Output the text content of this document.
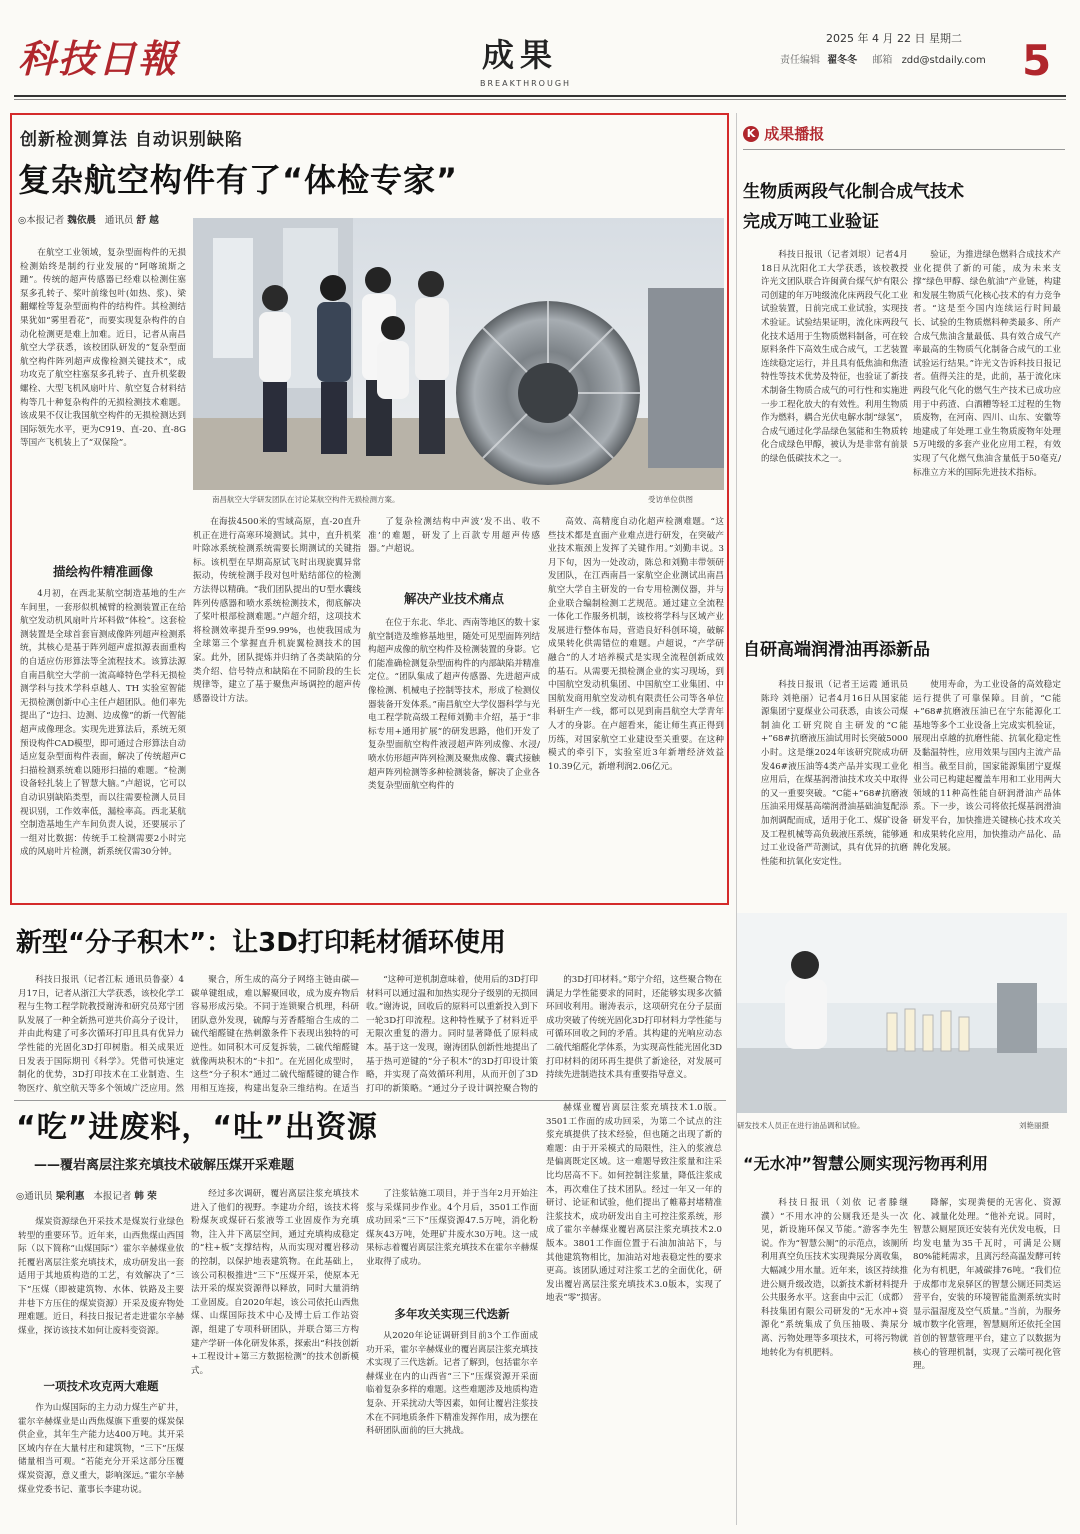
科技日報	成果
BREAKTHROUGH
2025 年 4 月 22 日 星期二
责任编辑 翟冬冬 邮箱 zdd@stdaily.com 5
创新检测算法 自动识别缺陷
复杂航空构件有了“体检专家”
◎本报记者 魏依晨 通讯员 舒 越

在航空工业领域，复杂型面构件的无损检测始终是制约行业发展的“阿喀琉斯之踵”。传统的超声传感器已经难以检测住塞泵多孔转子、桨叶前缘包叶(如热、浆)、梁翻螺栓等复杂型面构件的结构件。其检测结果犹如“雾里看花”，而要实现复杂构件的自动化检测更是难上加难。近日，记者从南昌航空大学获悉，该校团队研发的“复杂型面航空构件阵列超声成像检测关键技术”，成功攻克了航空柱塞泵多孔转子、直升机桨毂螺栓、大型飞机风扇叶片、航空复合材料结构等几十种复杂构件的无损检测技术难题。该成果不仅让我国航空构件的无损检测达到国际领先水平，更为C919、直-20、直-8G等国产飞机装上了“双保险”。

描绘构件精准画像
南昌航空大学研发团队在讨论某航空构件无损检测方案。	受访单位供图

4月初，在西北某航空制造基地的生产车间里，一套形似机械臂的检测装置正在给航空发动机风扇叶片坏料做“体检”。这套检测装置是全球首套盲测成像阵列超声检测系统，其核心是基于阵列超声虚拟源表面重构的自适应仿形算法等全流程技术。该算法源自南昌航空大学前一流高峰特色学科无损检测学科与技术学科卓越人、TH 实验室智能无损检测创新中心主任卢超团队。他们率先提出了“边扫、边测、边成像”的新一代智能超声成像理念。实现先进算法后，系统无须预设构件CAD模型，即可通过合形算法自动适应复杂型面构件表面，解决了传统超声C扫描检测系统难以随形扫描的难题。“检测设备轻扎装上了智慧大脑。”卢超说，它可以自动识别缺陷类型，而以往需要检测人员目视识别，工作效率低，漏检率高。西北某航空制造基地生产车间负责人说，还要展示了一组对比数据：传统手工检测需要2小时完成的风扇叶片检测，新系统仅需30分钟。

在海拔4500米的雪域高原，直-20直升机正在进行高寒环境测试。其中，直升机桨叶除冰系统检测系统需要长期测试的关键指标。该机型在早期高原试飞时出现旋翼异常振动，传统检测手段对包叶贴结部位的检测方法得以精确。“我们团队提出的U型水囊线阵列传感器和喷水系统检测技术，彻底解决了桨叶根部检测难题。”卢超介绍，这项技术将检测效率提升至99.99%，也使我国成为全球第三个掌握直升机旋翼检测技术的国家。此外，团队提炼并归纳了各类缺陷的分类介绍、信号特点和缺陷在不同阶段的生长规律等，建立了基于聚焦声场调控的超声传感器设计方法。

了复杂检测结构中声波‘发不出、收不准’的难题，研发了上百款专用超声传感器。”卢超说。

解决产业技术痛点

在位于东北、华北、西南等地区的数十家航空制造及维修基地里，随处可见型面阵列结构超声成像的航空构件及检测装置的身影。它们能准确检测复杂型面构件的内部缺陷并精准定位。“团队集成了超声传感器、先进超声成像检测、机械电子控制等技术，形成了检测仪器装备开发体系。”南昌航空大学仪器科学与光电工程学院高级工程师刘勤丰介绍，基于“非标专用+通用扩展”的研发思路，他们开发了复杂型面航空构件液浸超声阵列成像、水浸/喷水仿形超声阵列检测及聚焦成像、囊式接触超声阵列检测等多种检测装备，解决了企业各类复杂型面航空构件的

高效、高精度自动化超声检测难题。“这些技术都是直面产业难点进行研发，在突破产业技术瓶颈上发挥了关键作用。”刘勤丰说。3月下旬，因为一处改动，陈总和刘勤丰带领研发团队，在江西南昌一家航空企业测试出南昌航空大学自主研发的一台专用检测仪器，并与企业联合编制检测工艺规范。通过建立全流程一体化工作服务机制，该校将学科与区域产业发展进行整体布局，营造良好科创环境，破解成果转化供需错位的难题。卢超说，“产学研融合”的人才培养模式是实现全流程创新成效的基石。从需要无损检测企业的实习现场，到中国航空发动机集团、中国航空工业集团、中国航发商用航空发动机有限责任公司等各单位科研生产一线，都可以见到南昌航空大学青年人才的身影。在卢超看来，能让师生真正得到历练，对国家航空工业建设至关重要。在这种模式的牵引下，实验室近3年新增经济效益10.39亿元，新增利润2.06亿元。

K 成果播报
生物质两段气化制合成气技术
完成万吨工业验证

科技日报讯（记者刘垠）记者4月18日从沈阳化工大学获悉，该校教授许光文团队联合许闽黄台煤气炉有限公司创建的年万吨级流化床两段气化工业试验装置，日前完成工业试验，实现技术验证。试验结果证明，流化床两段气化技术适用于生物质燃料制备，可在较原料条件下高效生成合成气，工艺装置连续稳定运行，并且具有低焦油和焦渣特性等技术优势及特征，也验证了新技术制备生物质合成气的可行性和实施进一步工程化放大的有效性。利用生物质作为燃料，耦合光伏电解水制“绿氢”，合成气通过化学品绿色氢能和生物质转化合成绿色甲醇，被认为是非常有前景的绿色低碳技术之一。

验证，为推进绿色燃料合成技术产业化提供了新的可能，成为未来支撑“绿色甲醇、绿色航油”产业链，构建和发展生物质气化核心技术的有力竞争者。“这是至今国内连续运行时间最长、试验的生物质燃料种类最多、所产合成气焦油含量最低、具有效合成气产率最高的生物质气化制备合成气的工业试验运行结果。”许光文告诉科技日报记者。值得关注的是，此前，基于流化床两段气化气化的燃气生产技术已成功应用于中药渣、白酒糟等轻工过程的生物质废物，在河南、四川、山东、安徽等地建成了年处理工业生物质废物年处理5万吨级的多套产业化应用工程，有效实现了气化燃气焦油含量低于50毫克/标准立方米的国际先进技术指标。

自研高端润滑油再添新品

科技日报讯（记者王运霞 通讯员陈玲 刘艳丽）记者4月16日从国家能源集团宁夏煤业公司获悉，由该公司煤制油化工研究院自主研发的“C能+”68#抗磨液压油试用时长突破5000小时。这是继2024年该研究院成功研发46#液压油等4类产品并实现工业化应用后，在煤基润滑油技术攻关中取得的又一重要突破。“C能+”68#抗磨液压油采用煤基高端润滑油基础油复配添加剂调配而成，适用于化工、煤矿设备及工程机械等高负载液压系统，能够通过工业设备严苛测试，具有优异的抗磨性能和抗氧化安定性。

使用寿命，为工业设备的高效稳定运行提供了可靠保障。目前，“C能+”68#抗磨液压油已在宁东能源化工基地等多个工业设备上完成实机验证，展现出卓越的抗磨性能、抗氧化稳定性及黏温特性，应用效果与国内主流产品相当。截至目前，国家能源集团宁夏煤业公司已构建起覆盖车用和工业用两大领域的11种高性能自研润滑油产品体系。下一步，该公司将依托煤基润滑油研发平台，加快推进关键核心技术攻关和成果转化应用，加快推动产品化、品牌化发展。

研发技术人员正在进行油品调和试验。	刘艳丽摄
“无水冲”智慧公厕实现污物再利用

科技日报讯（刘依 记者滕继濮）“不用水冲的公厕我还是头一次见，新设施环保又节能。”游客李先生说。作为“智慧公厕”的示范点，该厕所利用真空负压技术实现粪尿分离收集，大幅减少用水量。近年来，该区持续推进公厕升级改造，以新技术新材料提升公共服务水平。这套由中云汇（成都）科技集团有限公司研发的“无水冲+资源化”系统集成了负压抽吸、粪尿分离、污物处理等多项技术，可将污物就地转化为有机肥料。

降解，实现粪便的无害化、资源化、减量化处理。“他补充说。同时，智慧公厕屋顶还安装有光伏发电板，日均发电量为35千瓦时，可满足公厕80%能耗需求，且离污经高温发酵可转化为有机肥，年减碳排76吨。“我们位于成都市龙泉驿区的智慧公厕还同类运营平台，安装的环境智能监测系统实时显示温湿度及空气质量。”当前，为服务城市数字化管理，智慧厕所还依托全国首创的智慧管理平台，建立了以数据为核心的管理机制，实现了云端可视化管理。

新型“分子积木”：让3D打印耗材循环使用

科技日报讯（记者江耘 通讯员鲁豪）4月17日，记者从浙江大学获悉，该校化学工程与生物工程学院教授谢涛和研究员郑宁团队发展了一种全新热可逆共价高分子设计，并由此构建了可多次循环打印且具有优异力学性能的光固化3D打印树脂。相关成果近日发表于国际期刊《科学》。凭借可快速定制化的优势，3D打印技术在工业制造、生物医疗、航空航天等多个领域广泛应用。然

聚合，所生成的高分子网络主链由碳—碳单键组成，难以解聚回收，成为废弃物后容易形成污染。不同于连锁聚合机理，科研团队意外发现，硫醇与芳香醛缩合生成的二硫代缩醛键在热刺激条件下表现出独特的可逆性。如同积木可反复拆装，二硫代缩醛键就像两块积木的“卡扣”。在光固化成型时，这些“分子积木”通过二硫代缩醛键的键合作用相互连接，构建出复杂三维结构。在适当

“这种可逆机制意味着，使用后的3D打印材料可以通过温和加热实现分子级别的无损回收。”谢涛说，回收后的原料可以重新投入到下一轮3D打印流程。这种特性赋予了材料近乎无限次重复的潜力。同时显著降低了原料成本。基于这一发现，谢涛团队创新性地提出了基于热可逆键的“分子积木”的3D打印设计策略，并实现了高效循环利用，从而开创了3D打印的新策略。“通过分子设计调控聚合物的

的3D打印材料。”郑宁介绍，这些聚合物在满足力学性能要求的同时，还能够实现多次循环回收利用。谢涛表示，这项研究在分子层面成功突破了传统光固化3D打印材料力学性能与可循环回收之间的矛盾。其构建的光响应动态二硫代缩醛化学体系，为实现高性能光固化3D打印材料的闭环再生提供了新途径，对发展可持续先进制造技术具有重要指导意义。

“吃”进废料，“吐”出资源
——覆岩离层注浆充填技术破解压煤开采难题
◎通讯员 梁利惠 本报记者 韩 荣

煤炭资源绿色开采技术是煤炭行业绿色转型的重要环节。近年来，山西焦煤山西国际（以下简称“山煤国际”）霍尔辛赫煤业依托覆岩离层注浆充填技术，成功研发出一套适用于其地质构造的工艺，有效解决了“三下”压煤（即被建筑物、水体、铁路及主要井巷下方压住的煤炭资源）开采及废弃物处理难题。近日，科技日报记者走进霍尔辛赫煤业，探访该技术如何让废料变资源。

一项技术攻克两大难题

作为山煤国际的主力动力煤生产矿井，霍尔辛赫煤业是山西焦煤旗下重要的煤炭保供企业，其年生产能力达400万吨。其开采区域内存在大量村庄和建筑物，“三下”压煤储量相当可观。“若能充分开采这部分压覆煤炭资源，意义重大，影响深远。”霍尔辛赫煤业党委书记、董事长李建功说。

经过多次调研，覆岩离层注浆充填技术进入了他们的视野。李建功介绍，该技术将粉煤灰或煤矸石浆液等工业固废作为充填物，注入井下离层空间，通过充填构成稳定的“柱+板”支撑结构，从而实现对覆岩移动的控制，以保护地表建筑物。在此基础上，该公司积极推进“三下”压煤开采，使原本无法开采的煤炭资源得以释放，同时大量消纳工业固废。自2020年起，该公司依托山西焦煤、山煤国际技术中心及博士后工作站资源，组建了专项科研团队，并联合第三方构建产学研一体化研发体系，探索出“科技创新+工程设计+第三方数据检测”的技术创新模式。

了注浆钻施工项目，并于当年2月开始注浆与采煤同步作业。4个月后，3501工作面成功回采“三下”压煤资源47.5万吨，消化粉煤灰43万吨，处理矿井废水30万吨。这一成果标志着覆岩离层注浆充填技术在霍尔辛赫煤业取得了成功。

多年攻关实现三代迭新

从2020年论证调研到目前3个工作面成功开采，霍尔辛赫煤业的覆岩离层注浆充填技术实现了三代迭新。记者了解到，包括霍尔辛赫煤业在内的山西省“三下”压煤资源开采面临着复杂多样的难题。这些难题涉及地质构造复杂、开采扰动大等因素，如何让覆岩注浆技术在不同地质条件下精准发挥作用，成为摆在科研团队面前的巨大挑战。

赫煤业覆岩离层注浆充填技术1.0版。3501工作面的成功回采，为第二个试点的注浆充填提供了技术经验，但也随之出现了新的难题：由于开采模式的局限性，注入的浆液总是偏离既定区域。这一难题导致注浆量和注采比均居高不下。如何控制注浆量，降低注浆成本，再次难住了技术团队。经过一年又一年的研讨、论证和试验，他们提出了帷幕封堵精准注浆技术，成功研发出自主可控注浆系统，形成了霍尔辛赫煤业覆岩离层注浆充填技术2.0版本。3801工作面位置于石油加油站下，与其他建筑物相比，加油站对地表稳定性的要求更高。该团队通过对注浆工艺的全面优化，研发出覆岩离层注浆充填技术3.0版本，实现了地表“零”损害。
